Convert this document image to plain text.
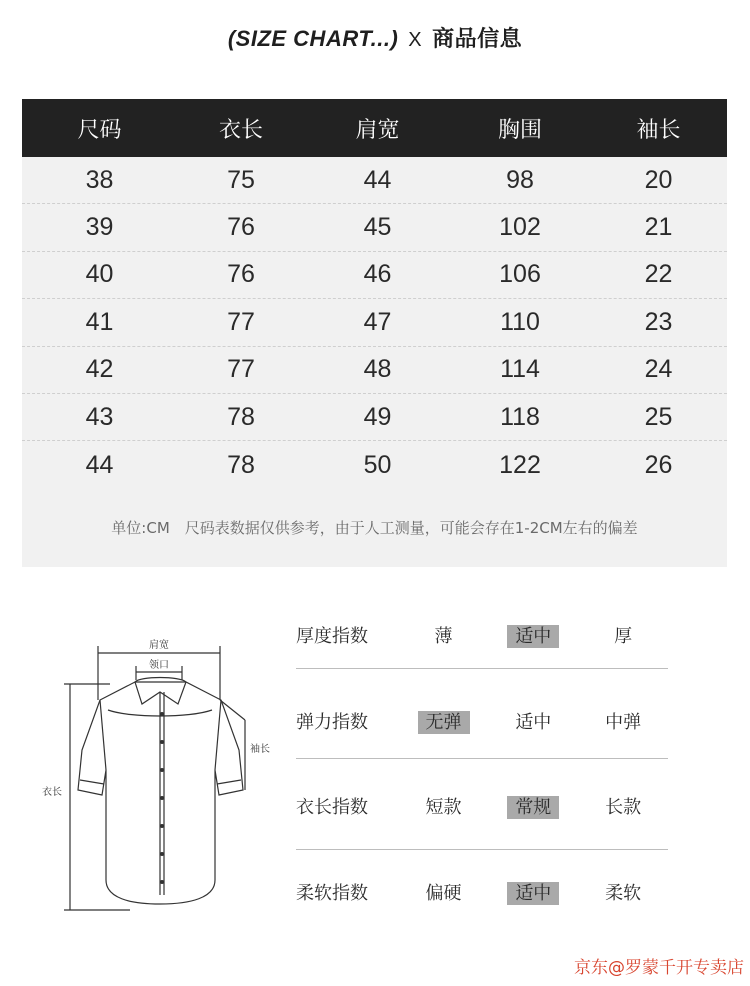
(SIZE CHART...) X 商品信息
尺码	衣长	肩宽	胸围	袖长
38	75	44	98	20
39	76	45	102	21
40	76	46	106	22
41	77	47	110	23
42	77	48	114	24
43	78	49	118	25
44	78	50	122	26
单位:CM　尺码表数据仅供参考，由于人工测量，可能会存在1-2CM左右的偏差
肩宽
领口
袖长
衣长
厚度指数	薄	适中	厚
弹力指数	无弹	适中	中弹
衣长指数	短款	常规	长款
柔软指数	偏硬	适中	柔软
京东@罗蒙千开专卖店
